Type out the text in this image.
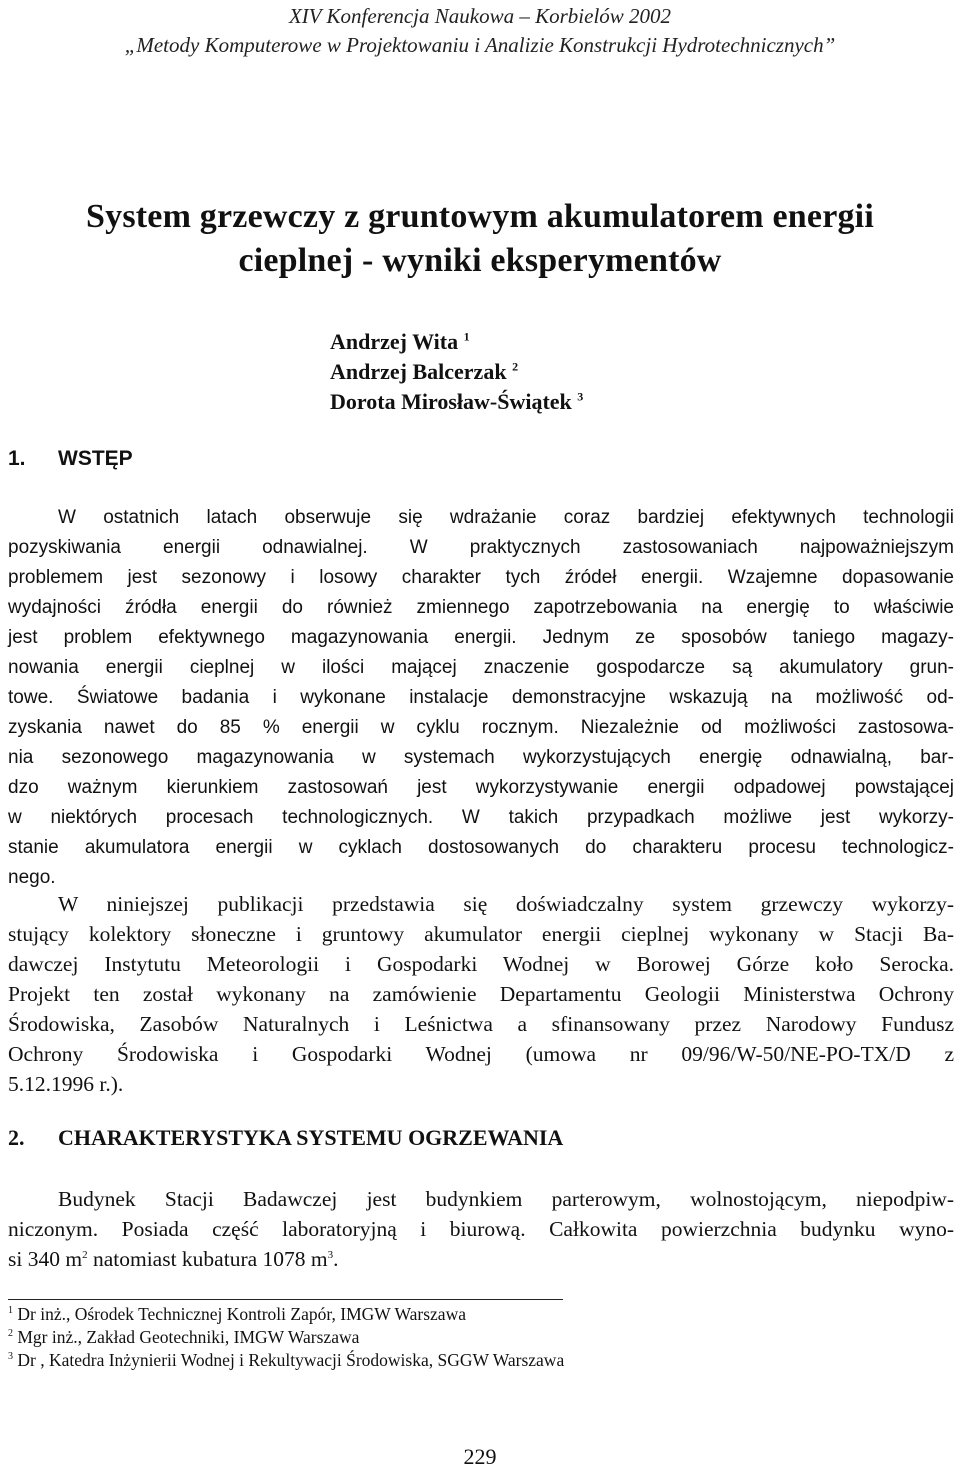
XIV Konferencja Naukowa – Korbielów 2002
„Metody Komputerowe w Projektowaniu i Analizie Konstrukcji Hydrotechnicznych”
System grzewczy z gruntowym akumulatorem energii
cieplnej - wyniki eksperymentów
Andrzej Wita $^1$
Andrzej Balcerzak $^2$
Dorota Mirosław-Świątek $^3$
1. WSTĘP
W ostatnich latach obserwuje się wdrażanie coraz bardziej efektywnych technologii
pozyskiwania energii odnawialnej. W praktycznych zastosowaniach najpoważniejszym
problemem jest sezonowy i losowy charakter tych źródeł energii. Wzajemne dopasowanie
wydajności źródła energii do również zmiennego zapotrzebowania na energię to właściwie
jest problem efektywnego magazynowania energii. Jednym ze sposobów taniego magazy-
nowania energii cieplnej w ilości mającej znaczenie gospodarcze są akumulatory grun-
towe. Światowe badania i wykonane instalacje demonstracyjne wskazują na możliwość od-
zyskania nawet do 85 % energii w cyklu rocznym. Niezależnie od możliwości zastosowa-
nia sezonowego magazynowania w systemach wykorzystujących energię odnawialną, bar-
dzo ważnym kierunkiem zastosowań jest wykorzystywanie energii odpadowej powstającej
w niektórych procesach technologicznych. W takich przypadkach możliwe jest wykorzy-
stanie akumulatora energii w cyklach dostosowanych do charakteru procesu technologicz-
nego.
W niniejszej publikacji przedstawia się doświadczalny system grzewczy wykorzy-
stujący kolektory słoneczne i gruntowy akumulator energii cieplnej wykonany w Stacji Ba-
dawczej Instytutu Meteorologii i Gospodarki Wodnej w Borowej Górze koło Serocka.
Projekt ten został wykonany na zamówienie Departamentu Geologii Ministerstwa Ochrony
Środowiska, Zasobów Naturalnych i Leśnictwa a sfinansowany przez Narodowy Fundusz
Ochrony Środowiska i Gospodarki Wodnej (umowa nr 09/96/W-50/NE-PO-TX/D z
5.12.1996 r.).
2. CHARAKTERYSTYKA SYSTEMU OGRZEWANIA
Budynek Stacji Badawczej jest budynkiem parterowym, wolnostojącym, niepodpiw-
niczonym. Posiada część laboratoryjną i biurową. Całkowita powierzchnia budynku wyno-
si 340 $m^2$ natomiast kubatura 1078 $m^3$.
$^1$ Dr inż., Ośrodek Technicznej Kontroli Zapór, IMGW Warszawa
$^2$ Mgr inż., Zakład Geotechniki, IMGW Warszawa
$^3$ Dr , Katedra Inżynierii Wodnej i Rekultywacji Środowiska, SGGW Warszawa
229
